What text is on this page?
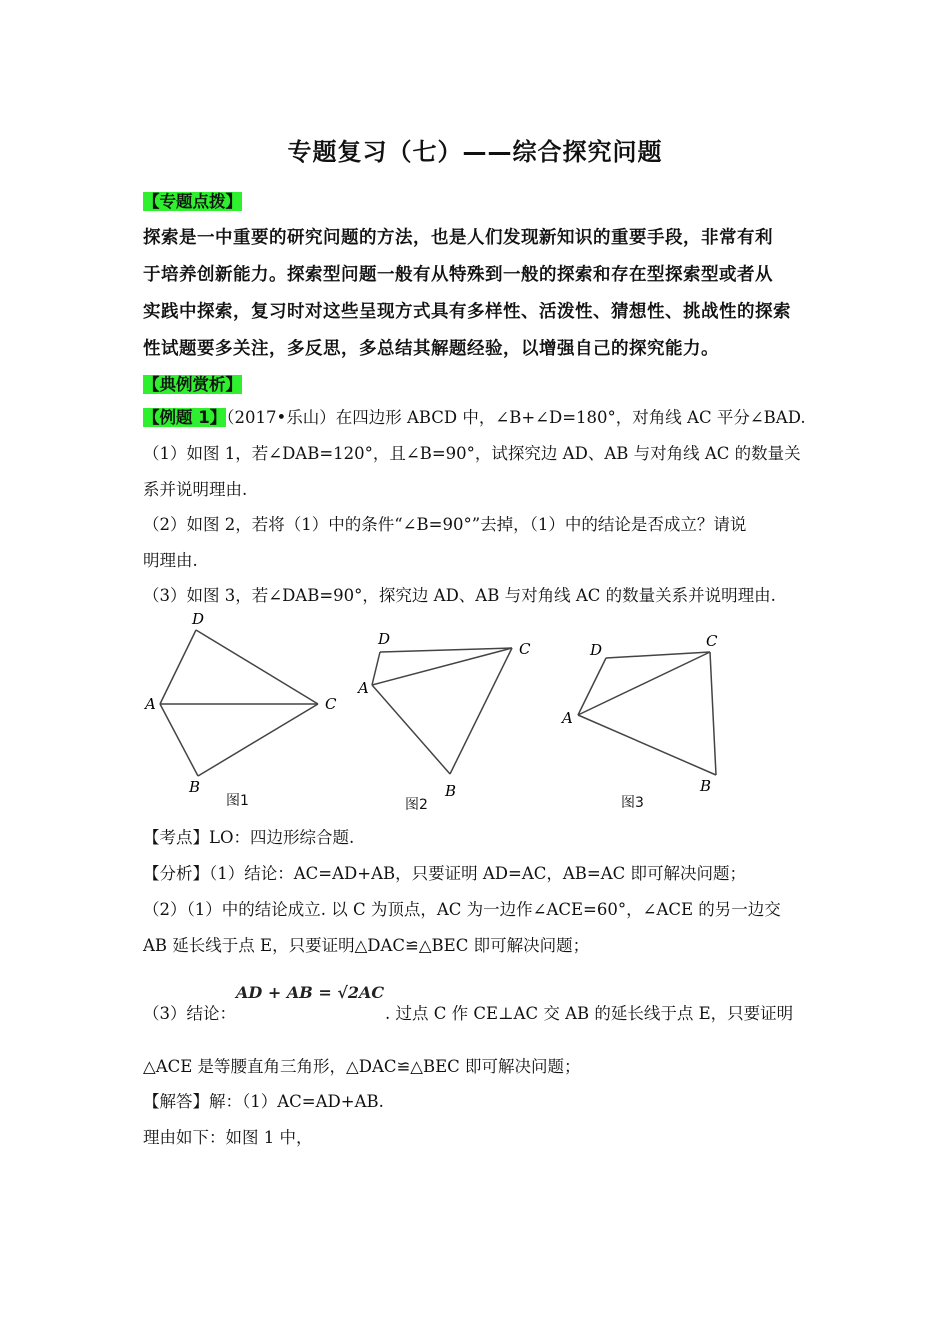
专题复习（七）——综合探究问题
【专题点拨】
探索是一中重要的研究问题的方法，也是人们发现新知识的重要手段，非常有利
于培养创新能力。探索型问题一般有从特殊到一般的探索和存在型探索型或者从
实践中探索，复习时对这些呈现方式具有多样性、活泼性、猜想性、挑战性的探索
性试题要多关注，多反思，多总结其解题经验，以增强自己的探究能力。
【典例赏析】
【例题 1】（2017•乐山）在四边形 ABCD 中，∠B+∠D=180°，对角线 AC 平分∠BAD.
（1）如图 1，若∠DAB=120°，且∠B=90°，试探究边 AD、AB 与对角线 AC 的数量关
系并说明理由.
（2）如图 2，若将（1）中的条件“∠B=90°”去掉，（1）中的结论是否成立？请说
明理由.
（3）如图 3，若∠DAB=90°，探究边 AD、AB 与对角线 AC 的数量关系并说明理由.
D
A	C
B
图1
D
A
C
B
图2
D
A
C
B
图3
【考点】LO：四边形综合题.
【分析】（1）结论：AC=AD+AB，只要证明 AD=AC，AB=AC 即可解决问题；
（2）（1）中的结论成立. 以 C 为顶点，AC 为一边作∠ACE=60°，∠ACE 的另一边交
AB 延长线于点 E，只要证明△DAC≌△BEC 即可解决问题；
AD + AB = √2AC
（3）结论：	. 过点 C 作 CE⊥AC 交 AB 的延长线于点 E，只要证明
△ACE 是等腰直角三角形，△DAC≌△BEC 即可解决问题；
【解答】解：（1）AC=AD+AB.
理由如下：如图 1 中，
